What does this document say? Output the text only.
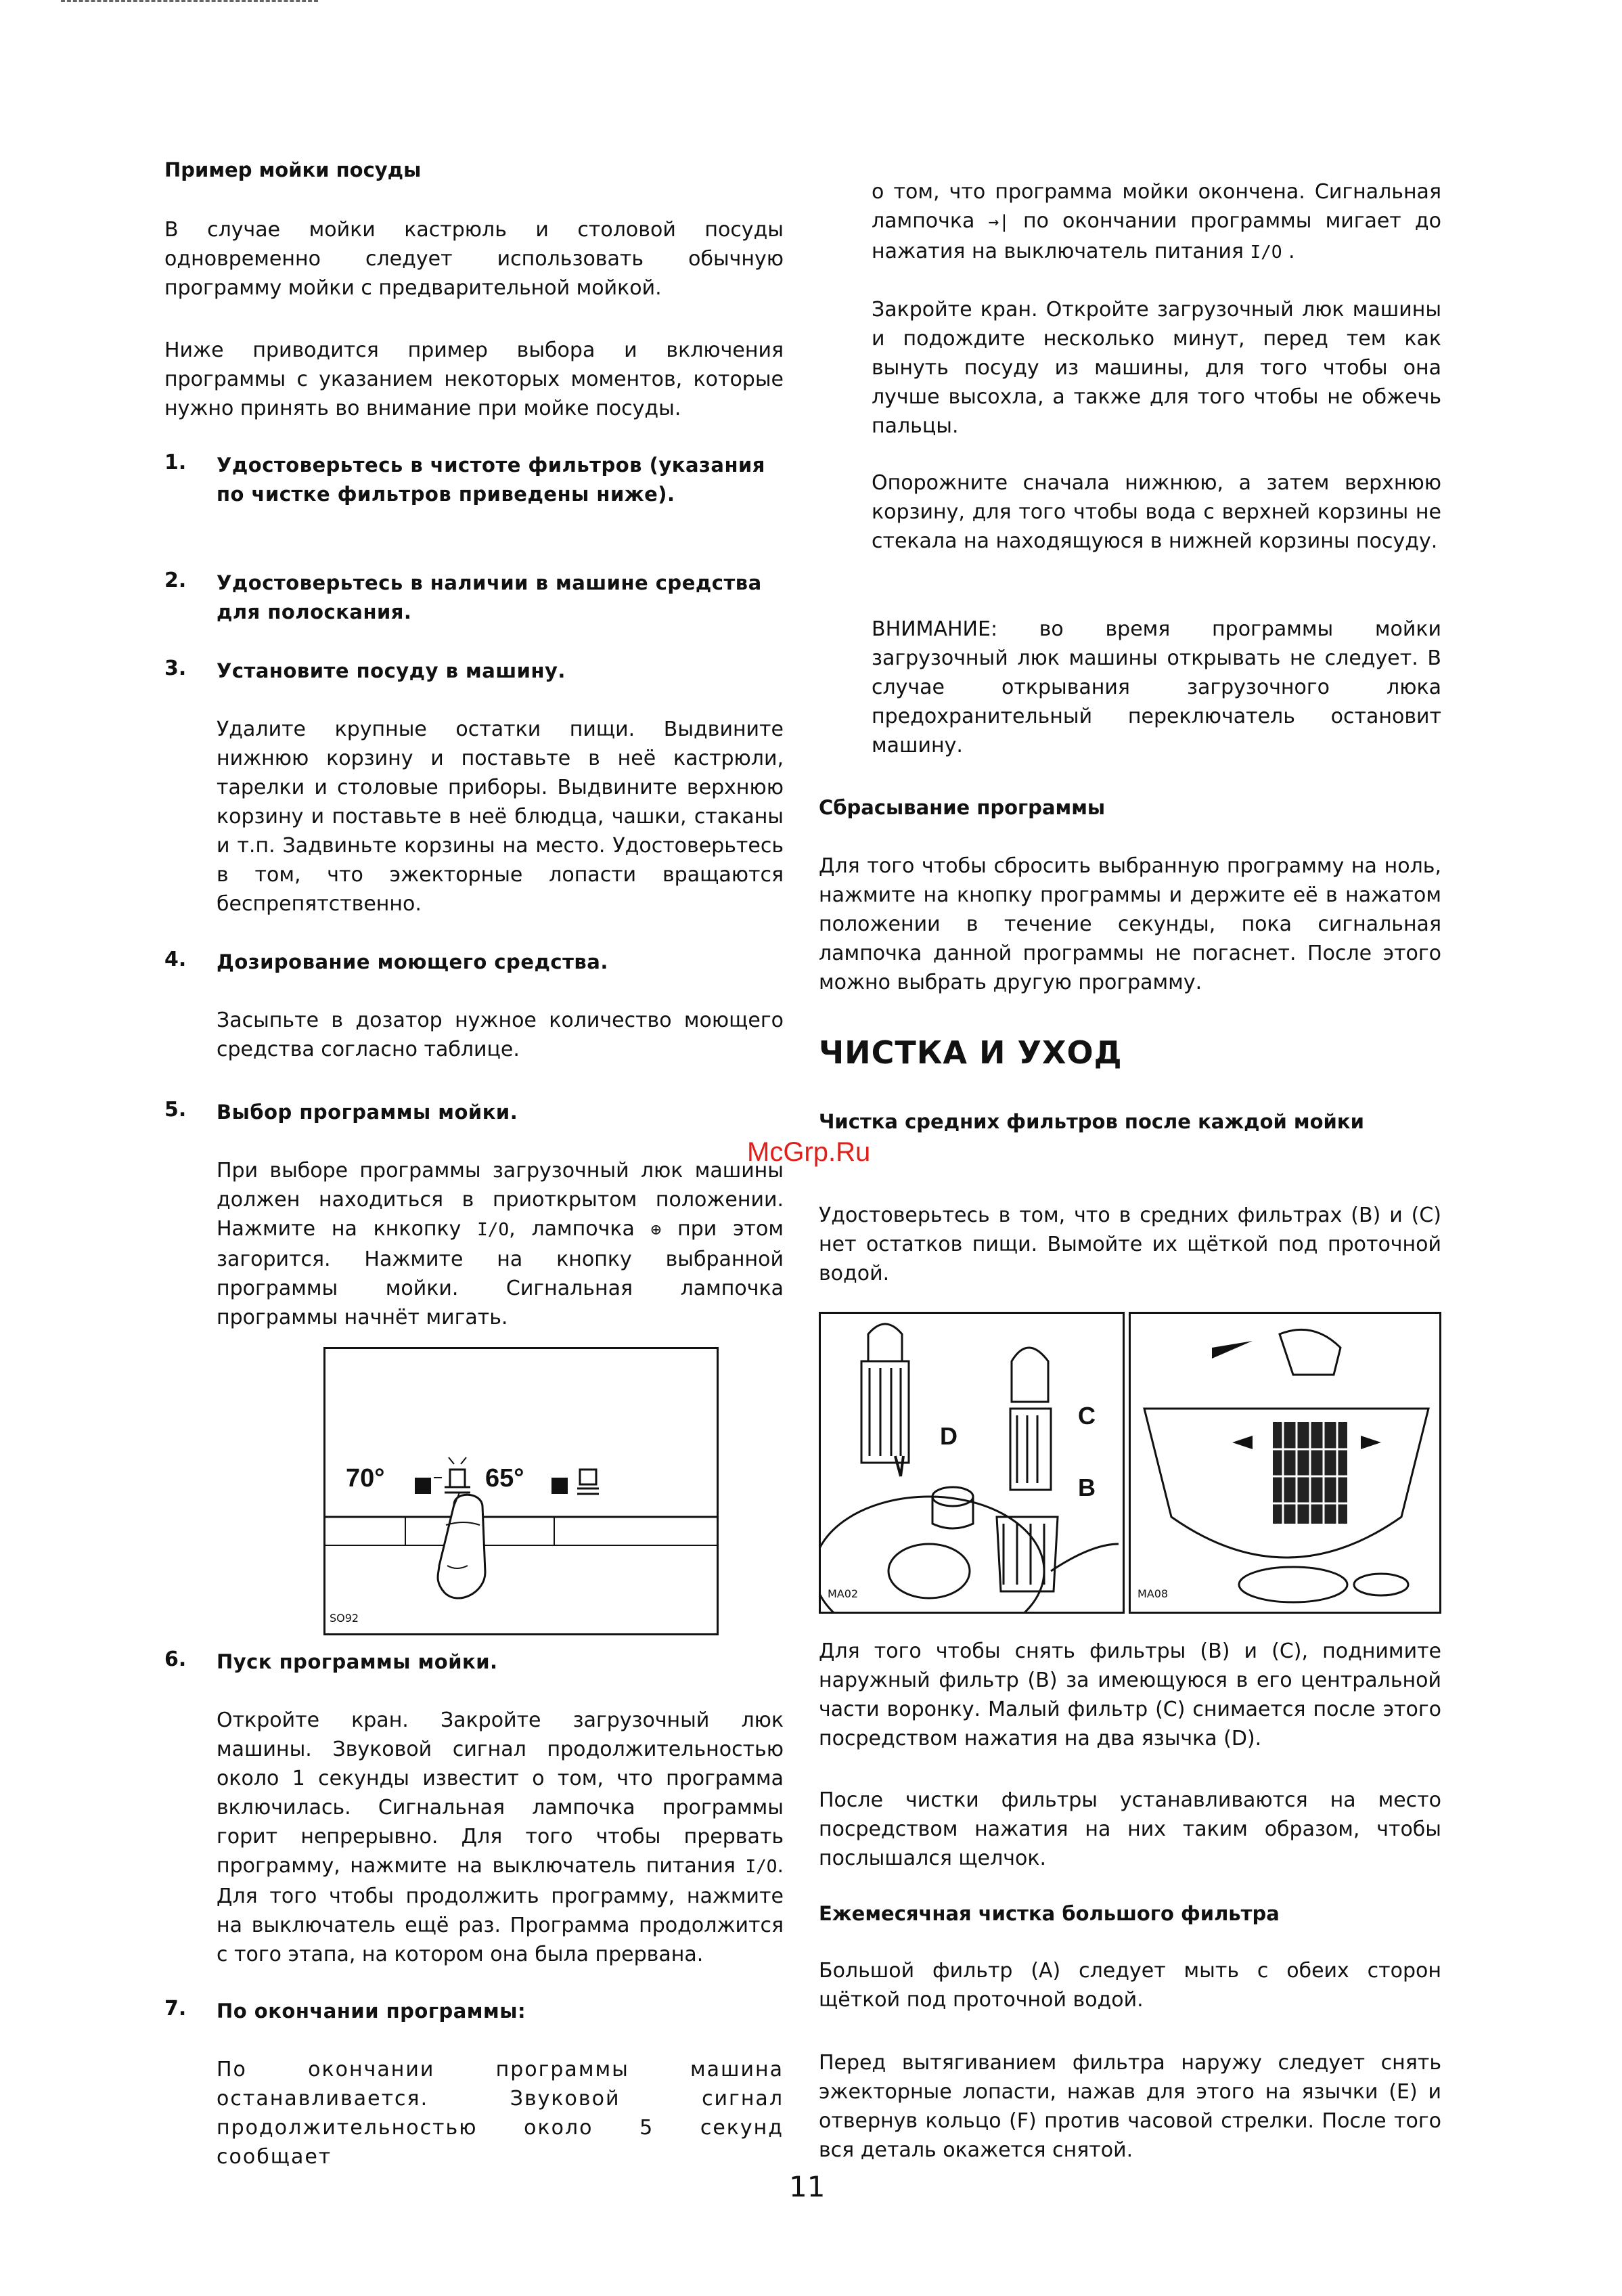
Пример мойки посуды

В случае мойки кастрюль и столовой посуды одновременно следует использовать обычную программу мойки с предварительной мойкой.

Ниже приводится пример выбора и включения программы с указанием некоторых моментов, которые нужно принять во внимание при мойке посуды.

1. Удостоверьтесь в чистоте фильтров (указания по чистке фильтров приведены ниже).
2. Удостоверьтесь в наличии в машине средства для полоскания.
3. Установите посуду в машину.

Удалите крупные остатки пищи. Выдвините нижнюю корзину и поставьте в неё кастрюли, тарелки и столовые приборы. Выдвините верхнюю корзину и поставьте в неё блюдца, чашки, стаканы и т.п. Задвиньте корзины на место. Удостоверьтесь в том, что эжекторные лопасти вращаются беспрепятственно.

4. Дозирование моющего средства.

Засыпьте в дозатор нужное количество моющего средства согласно таблице.

5. Выбор программы мойки.

При выборе программы загрузочный люк машины должен находиться в приоткрытом положении. Нажмите на кнкопку I/O, лампочка ⊕ при этом загорится. Нажмите на кнопку выбранной программы мойки. Сигнальная лампочка программы начнёт мигать.

70°	65°
SO92
6. Пуск программы мойки.

Откройте кран. Закройте загрузочный люк машины. Звуковой сигнал продолжительностью около 1 секунды известит о том, что программа включилась. Сигнальная лампочка программы горит непрерывно. Для того чтобы прервать программу, нажмите на выключатель питания I/O. Для того чтобы продолжить программу, нажмите на выключатель ещё раз. Программа продолжится с того этапа, на котором она была прервана.

7. По окончании программы:

По окончании программы машина останавливается. Звуковой сигнал продолжительностью около 5 секунд сообщает

о том, что программа мойки окончена. Сигнальная лампочка →| по окончании программы мигает до нажатия на выключатель питания I/O .

Закройте кран. Откройте загрузочный люк машины и подождите несколько минут, перед тем как вынуть посуду из машины, для того чтобы она лучше высохла, а также для того чтобы не обжечь пальцы.

Опорожните сначала нижнюю, а затем верхнюю корзину, для того чтобы вода с верхней корзины не стекала на находящуюся в нижней корзины посуду.

ВНИМАНИЕ: во время программы мойки загрузочный люк машины открывать не следует. В случае открывания загрузочного люка предохранительный переключатель остановит машину.

Сбрасывание программы

Для того чтобы сбросить выбранную программу на ноль, нажмите на кнопку программы и держите её в нажатом положении в течение секунды, пока сигнальная лампочка данной программы не погаснет. После этого можно выбрать другую программу.

ЧИСТКА И УХОД

Чистка средних фильтров после каждой мойки

Удостоверьтесь в том, что в средних фильтрах (В) и (С) нет остатков пищи. Вымойте их щёткой под проточной водой.

D
C
B
MA02	MA08

Для того чтобы снять фильтры (В) и (С), поднимите наружный фильтр (В) за имеющуюся в его центральной части воронку. Малый фильтр (С) снимается после этого посредством нажатия на два язычка (D).

После чистки фильтры устанавливаются на место посредством нажатия на них таким образом, чтобы послышался щелчок.

Ежемесячная чистка большого фильтра

Большой фильтр (А) следует мыть с обеих сторон щёткой под проточной водой.

Перед вытягиванием фильтра наружу следует снять эжекторные лопасти, нажав для этого на язычки (Е) и отвернув кольцо (F) против часовой стрелки. После того вся деталь окажется снятой.

McGrp.Ru
11
